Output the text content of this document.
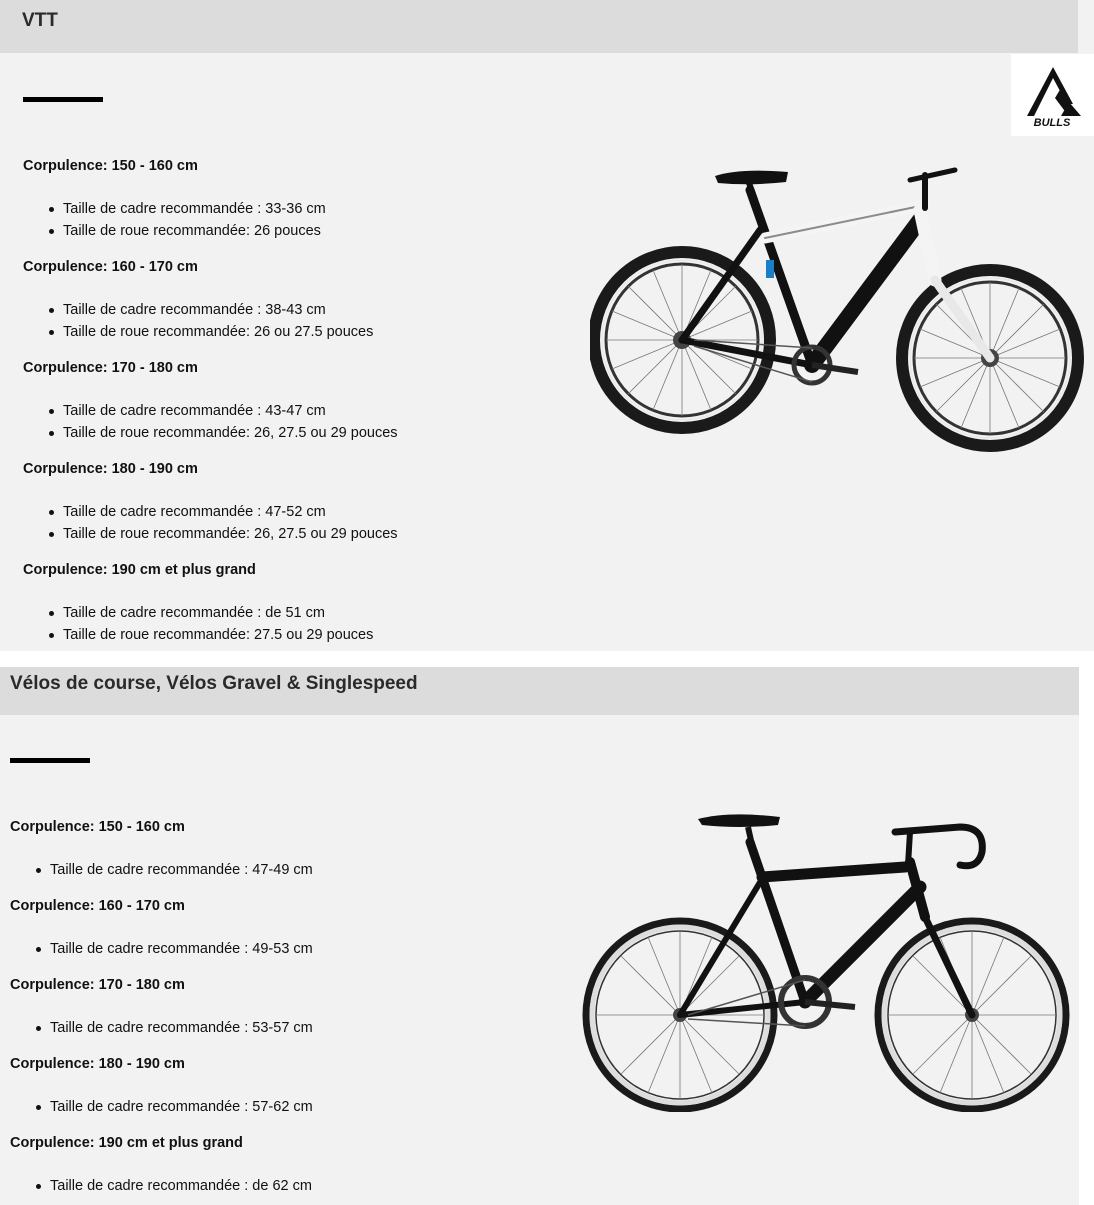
VTT
BULLS
Corpulence: 150 - 160 cm
Taille de cadre recommandée : 33-36 cm
Taille de roue recommandée: 26 pouces
Corpulence: 160 - 170 cm
Taille de cadre recommandée : 38-43 cm
Taille de roue recommandée: 26 ou 27.5 pouces
Corpulence: 170 - 180 cm
Taille de cadre recommandée : 43-47 cm
Taille de roue recommandée: 26, 27.5 ou 29 pouces
Corpulence: 180 - 190 cm
Taille de cadre recommandée : 47-52 cm
Taille de roue recommandée: 26, 27.5 ou 29 pouces
Corpulence: 190 cm et plus grand
Taille de cadre recommandée : de 51 cm
Taille de roue recommandée: 27.5 ou 29 pouces
Vélos de course, Vélos Gravel & Singlespeed
Corpulence: 150 - 160 cm
Taille de cadre recommandée : 47-49 cm
Corpulence: 160 - 170 cm
Taille de cadre recommandée : 49-53 cm
Corpulence: 170 - 180 cm
Taille de cadre recommandée : 53-57 cm
Corpulence: 180 - 190 cm
Taille de cadre recommandée : 57-62 cm
Corpulence: 190 cm et plus grand
Taille de cadre recommandée : de 62 cm
